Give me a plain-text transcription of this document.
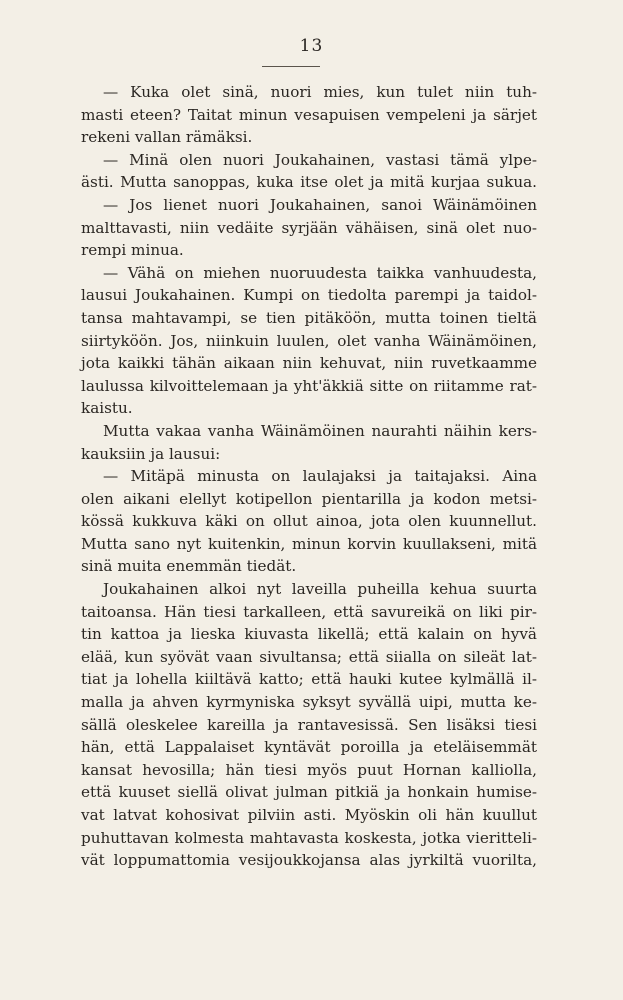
13
— Kuka olet sinä, nuori mies, kun tulet niin tuh-
masti eteen? Taitat minun vesapuisen vempeleni ja särjet
rekeni vallan rämäksi.
— Minä olen nuori Joukahainen, vastasi tämä ylpe-
ästi. Mutta sanoppas, kuka itse olet ja mitä kurjaa sukua.
— Jos lienet nuori Joukahainen, sanoi Wäinämöinen
malttavasti, niin vedäite syrjään vähäisen, sinä olet nuo-
rempi minua.
— Vähä on miehen nuoruudesta taikka vanhuudesta,
lausui Joukahainen. Kumpi on tiedolta parempi ja taidol-
tansa mahtavampi, se tien pitäköön, mutta toinen tieltä
siirtyköön. Jos, niinkuin luulen, olet vanha Wäinämöinen,
jota kaikki tähän aikaan niin kehuvat, niin ruvetkaamme
laulussa kilvoittelemaan ja yht'äkkiä sitte on riitamme rat-
kaistu.
Mutta vakaa vanha Wäinämöinen naurahti näihin kers-
kauksiin ja lausui:
— Mitäpä minusta on laulajaksi ja taitajaksi. Aina
olen aikani elellyt kotipellon pientarilla ja kodon metsi-
kössä kukkuva käki on ollut ainoa, jota olen kuunnellut.
Mutta sano nyt kuitenkin, minun korvin kuullakseni, mitä
sinä muita enemmän tiedät.
Joukahainen alkoi nyt laveilla puheilla kehua suurta
taitoansa. Hän tiesi tarkalleen, että savureikä on liki pir-
tin kattoa ja lieska kiuvasta likellä; että kalain on hyvä
elää, kun syövät vaan sivultansa; että siialla on sileät lat-
tiat ja lohella kiiltävä katto; että hauki kutee kylmällä il-
malla ja ahven kyrmyniska syksyt syvällä uipi, mutta ke-
sällä oleskelee kareilla ja rantavesissä. Sen lisäksi tiesi
hän, että Lappalaiset kyntävät poroilla ja eteläisemmät
kansat hevosilla; hän tiesi myös puut Hornan kalliolla,
että kuuset siellä olivat julman pitkiä ja honkain humise-
vat latvat kohosivat pilviin asti. Myöskin oli hän kuullut
puhuttavan kolmesta mahtavasta koskesta, jotka vieritteli-
vät loppumattomia vesijoukkojansa alas jyrkiltä vuorilta,
